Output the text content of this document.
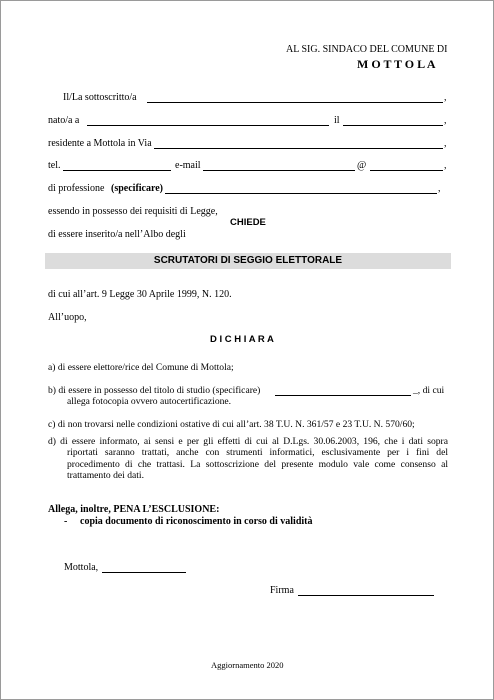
AL SIG. SINDACO DEL COMUNE DI
M O T T O L A
Il/La sottoscritto/a	,
nato/a a	il	,
residente a Mottola in Via	,
tel.	e-mail	@	,
di professione (specificare)	,
essendo in possesso dei requisiti di Legge,
CHIEDE
di essere inserito/a nell’Albo degli
SCRUTATORI DI SEGGIO ELETTORALE
di cui all’art. 9 Legge 30 Aprile 1999, N. 120.
All’uopo,
D I C H I A R A
a) di essere elettore/rice del Comune di Mottola;
b) di essere in possesso del titolo di studio (specificare)	_, di cui
allega fotocopia ovvero autocertificazione.
c) di non trovarsi nelle condizioni ostative di cui all’art. 38 T.U. N. 361/57 e 23 T.U. N. 570/60;
d) di essere informato, ai sensi e per gli effetti di cui al D.Lgs. 30.06.2003, 196, che i dati sopra
riportati saranno trattati, anche con strumenti informatici, esclusivamente per i fini del procedimento di che trattasi. La sottoscrizione del presente modulo vale come consenso al trattamento dei dati.
Allega, inoltre, PENA L’ESCLUSIONE:
- copia documento di riconoscimento in corso di validità
Mottola,
Firma
Aggiornamento 2020
